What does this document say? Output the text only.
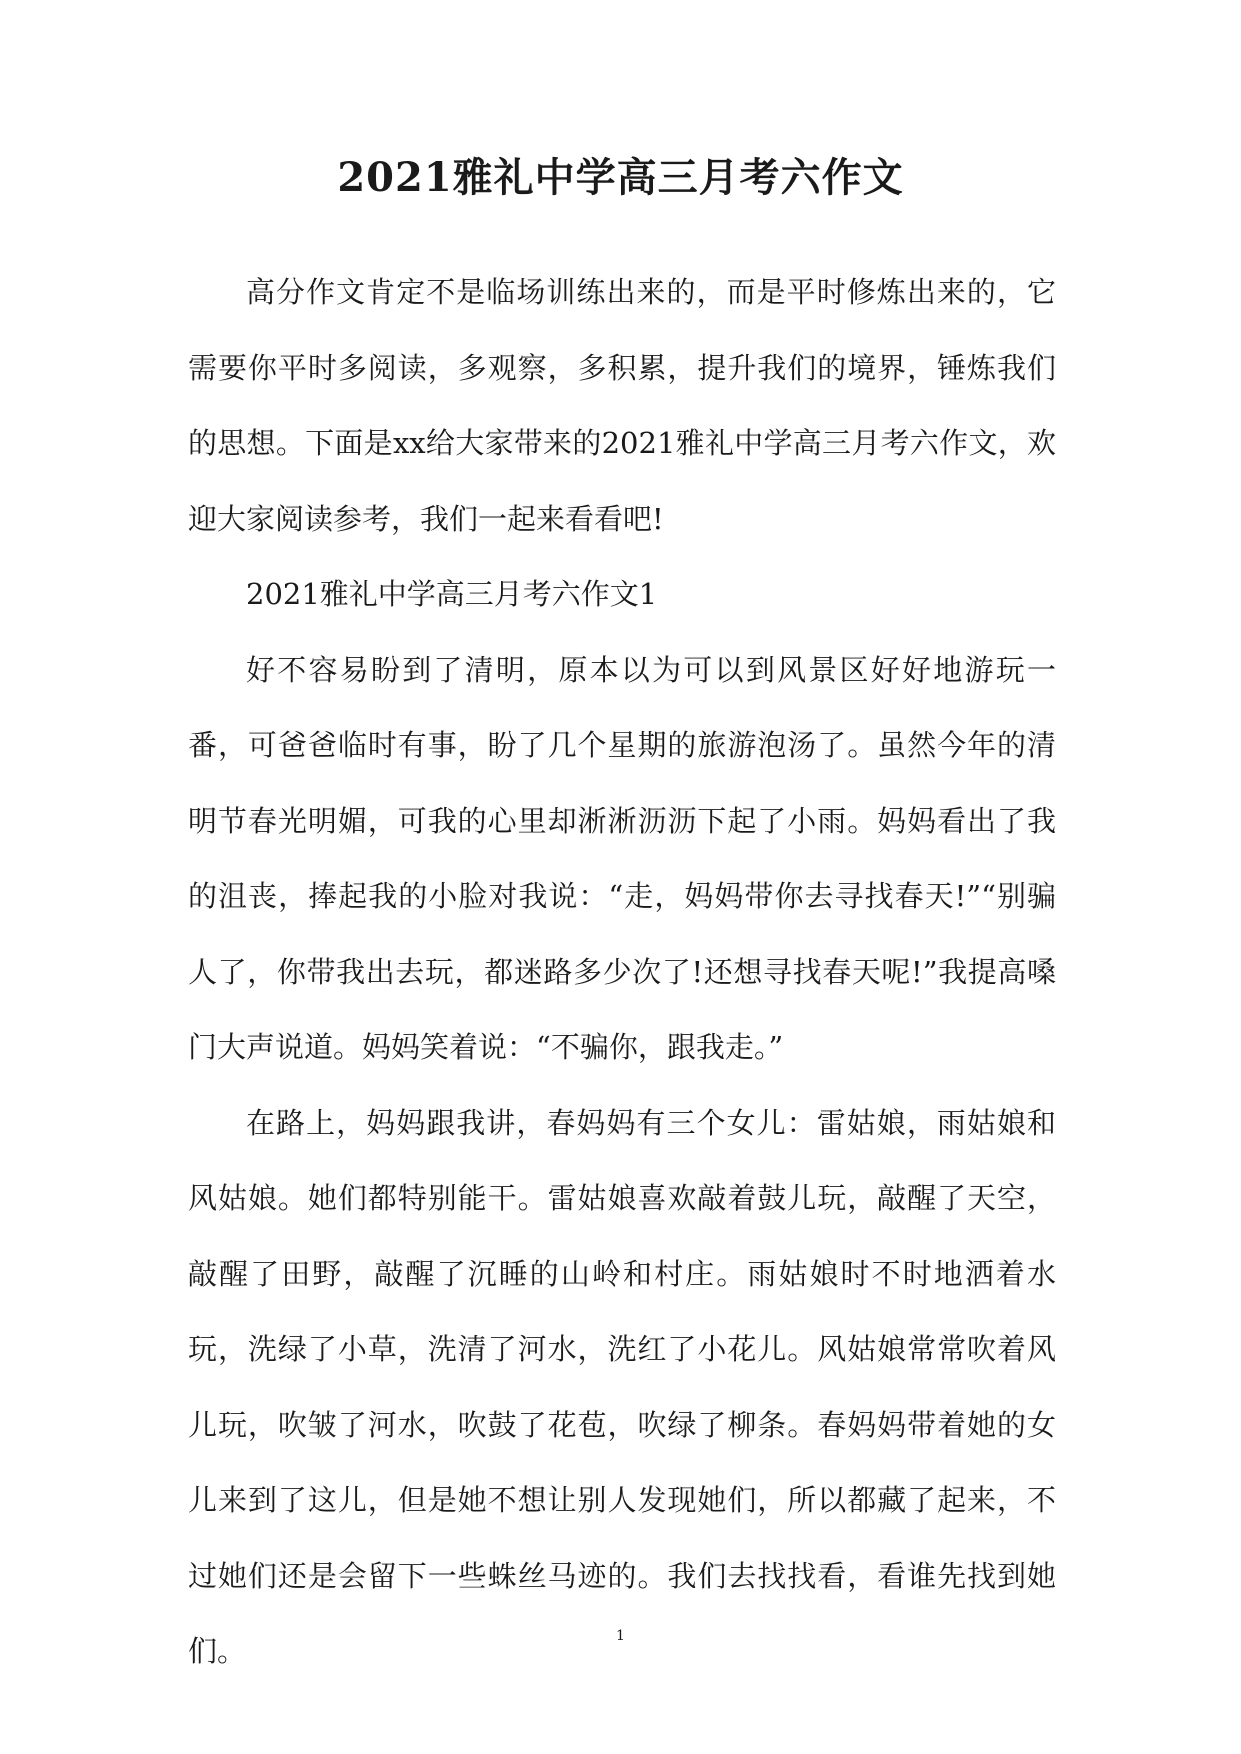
2021雅礼中学高三月考六作文

高分作文肯定不是临场训练出来的，而是平时修炼出来的，它需要你平时多阅读，多观察，多积累，提升我们的境界，锤炼我们的思想。下面是xx给大家带来的2021雅礼中学高三月考六作文，欢迎大家阅读参考，我们一起来看看吧!

2021雅礼中学高三月考六作文1

好不容易盼到了清明，原本以为可以到风景区好好地游玩一番，可爸爸临时有事，盼了几个星期的旅游泡汤了。虽然今年的清明节春光明媚，可我的心里却淅淅沥沥下起了小雨。妈妈看出了我的沮丧，捧起我的小脸对我说：“走，妈妈带你去寻找春天!”“别骗人了，你带我出去玩，都迷路多少次了!还想寻找春天呢!”我提高嗓门大声说道。妈妈笑着说：“不骗你，跟我走。”

在路上，妈妈跟我讲，春妈妈有三个女儿：雷姑娘，雨姑娘和风姑娘。她们都特别能干。雷姑娘喜欢敲着鼓儿玩，敲醒了天空，敲醒了田野，敲醒了沉睡的山岭和村庄。雨姑娘时不时地洒着水玩，洗绿了小草，洗清了河水，洗红了小花儿。风姑娘常常吹着风儿玩，吹皱了河水，吹鼓了花苞，吹绿了柳条。春妈妈带着她的女儿来到了这儿，但是她不想让别人发现她们，所以都藏了起来，不过她们还是会留下一些蛛丝马迹的。我们去找找看，看谁先找到她们。	1
